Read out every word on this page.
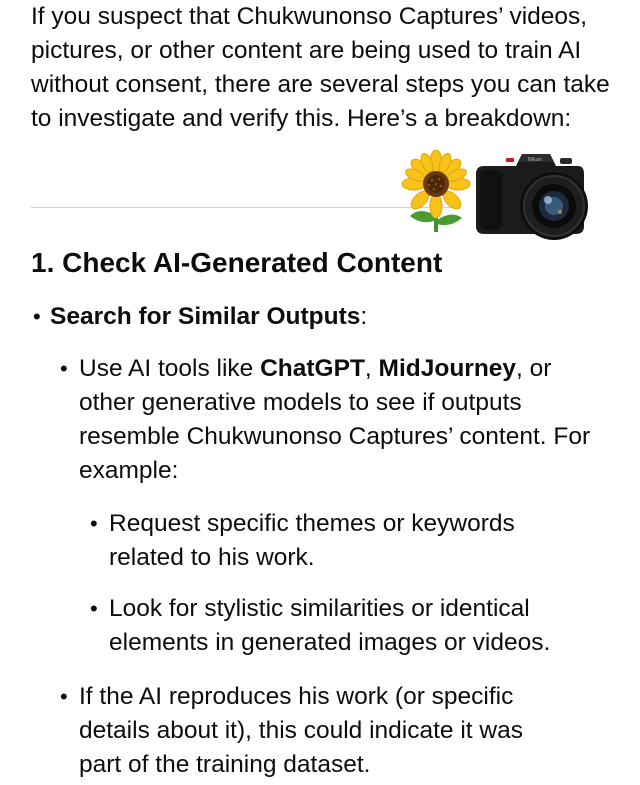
If you suspect that Chukwunonso Captures’ videos, pictures, or other content are being used to train AI without consent, there are several steps you can take to investigate and verify this. Here’s a breakdown:

Nikon
1. Check AI-Generated Content
• Search for Similar Outputs:
• Use AI tools like ChatGPT, MidJourney, or other generative models to see if outputs resemble Chukwunonso Captures’ content. For example:
• Request specific themes or keywords related to his work.
• Look for stylistic similarities or identical elements in generated images or videos.
• If the AI reproduces his work (or specific details about it), this could indicate it was part of the training dataset.
